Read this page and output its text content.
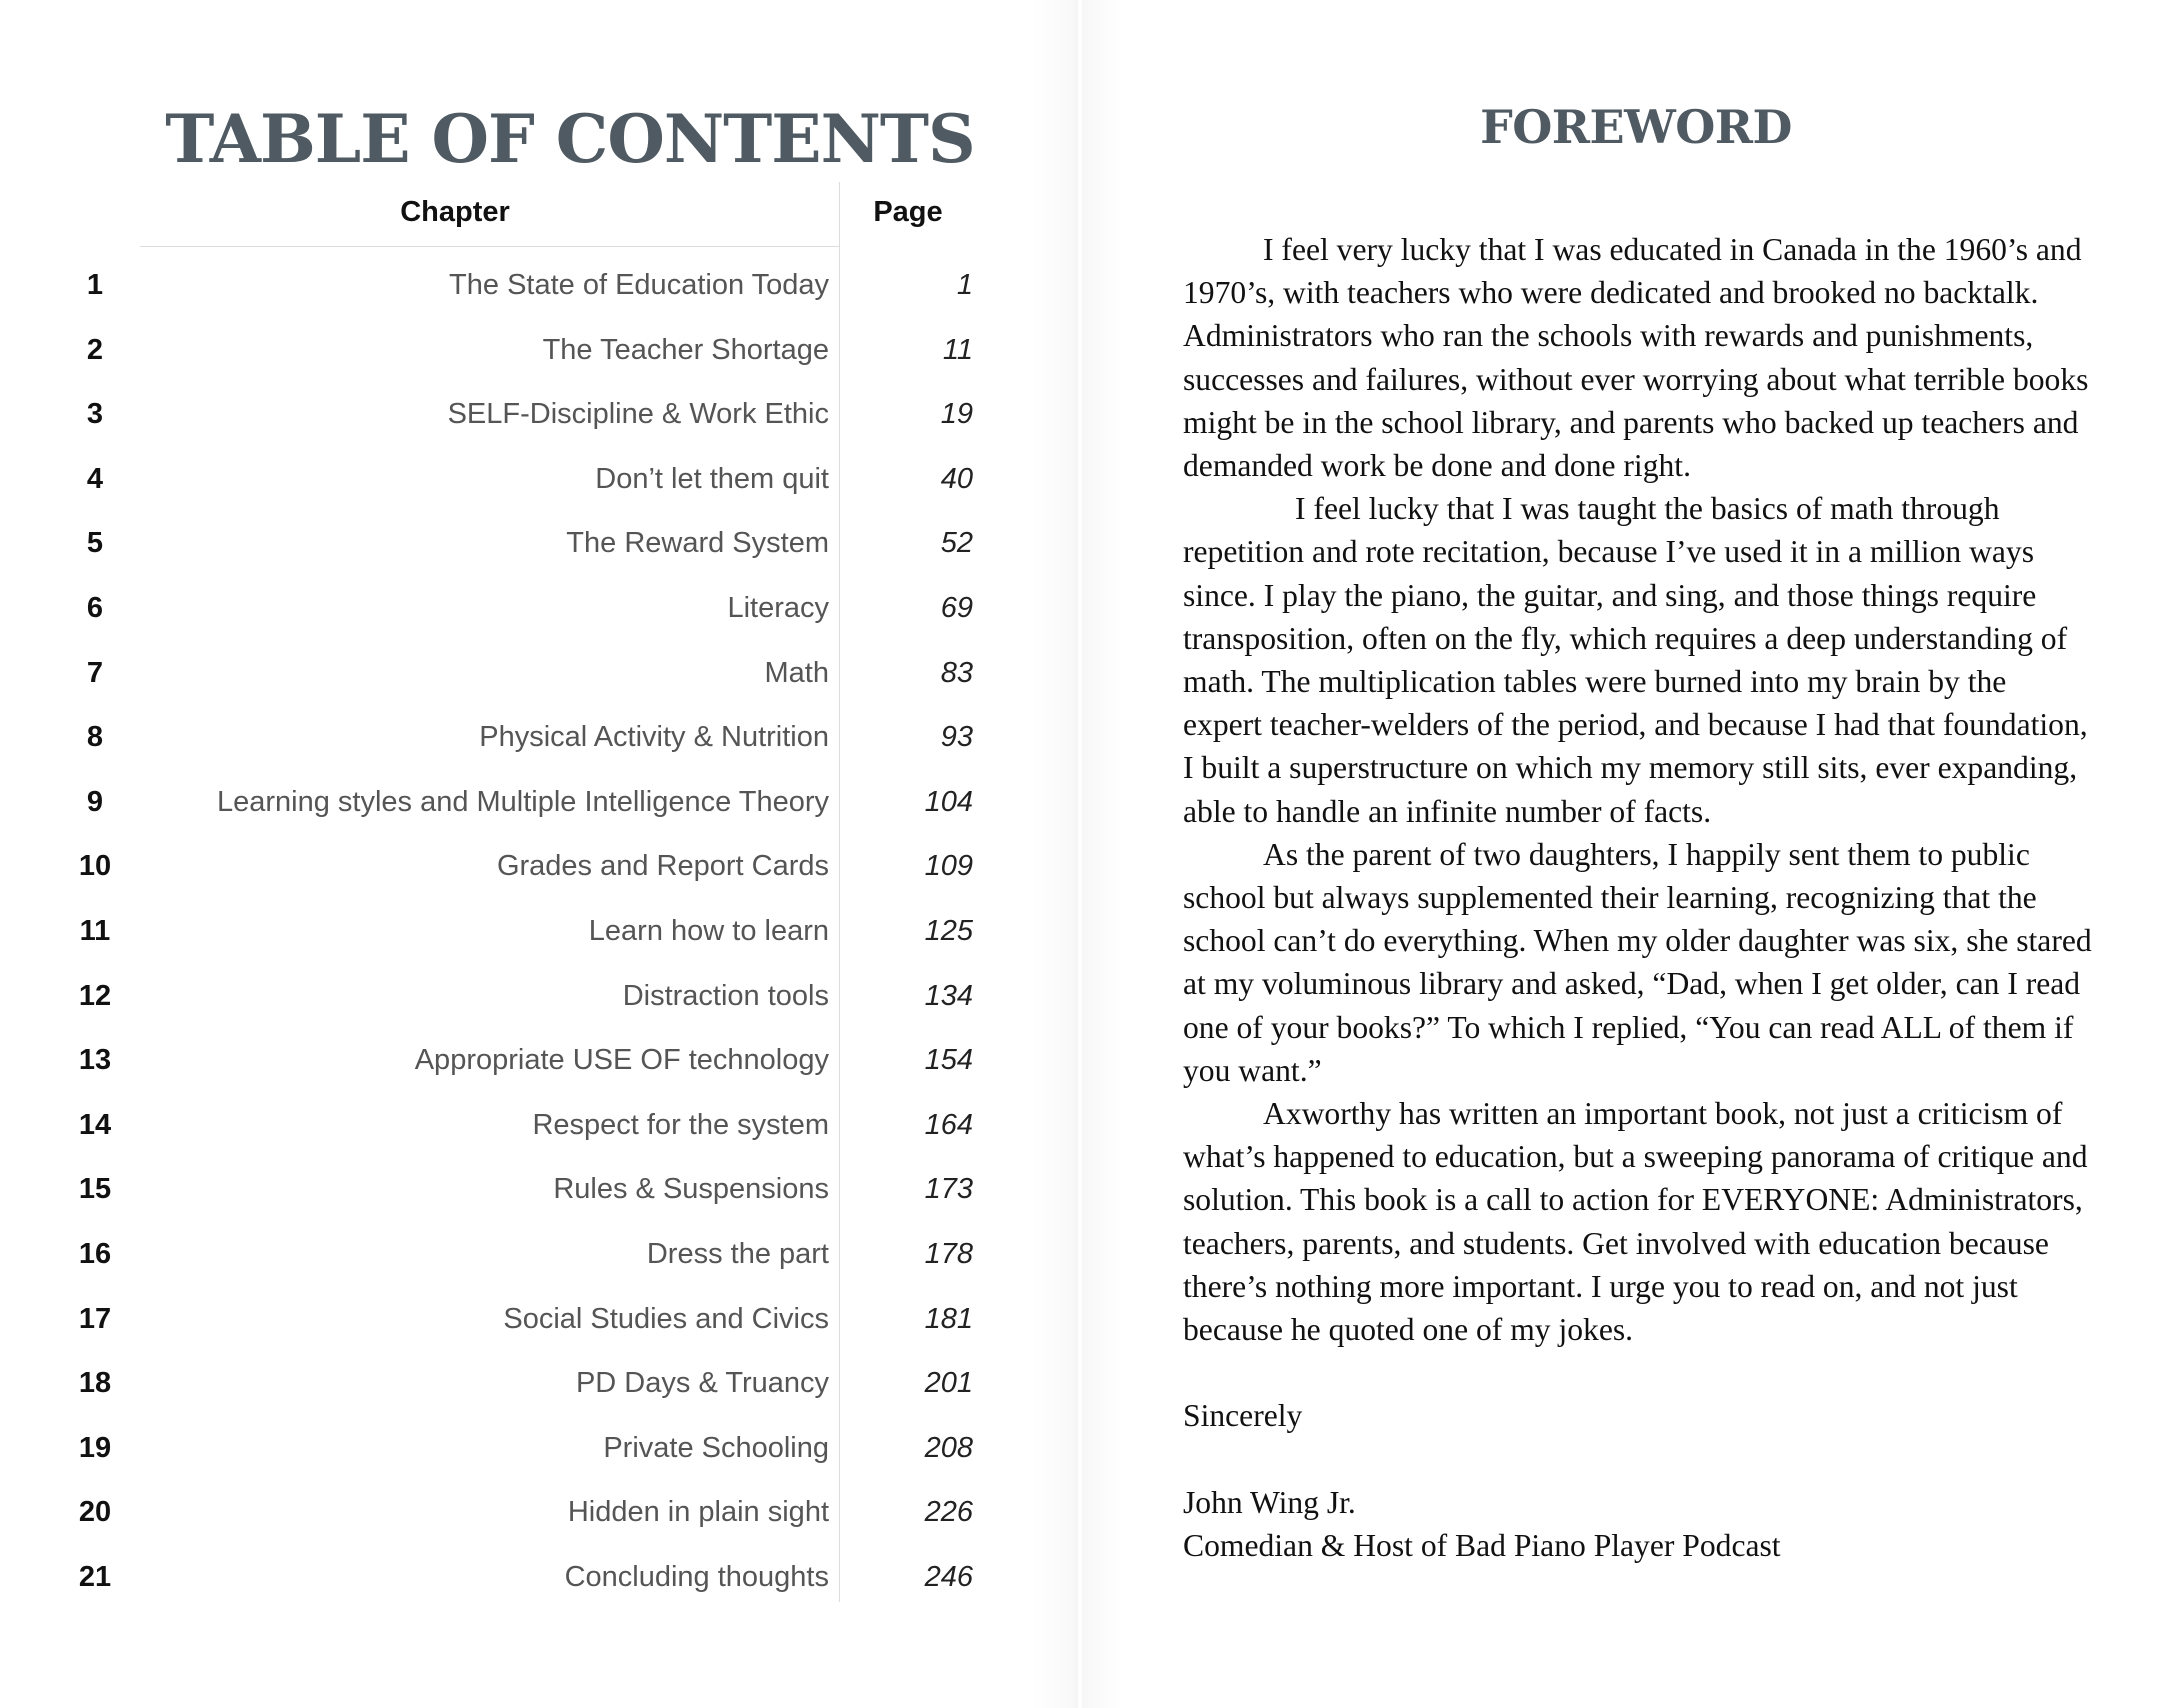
TABLE OF CONTENTS
Chapter	Page
1	The State of Education Today	1
2	The Teacher Shortage	11
3	SELF-Discipline & Work Ethic	19
4	Don’t let them quit	40
5	The Reward System	52
6	Literacy	69
7	Math	83
8	Physical Activity & Nutrition	93
9	Learning styles and Multiple Intelligence Theory	104
10	Grades and Report Cards	109
11	Learn how to learn	125
12	Distraction tools	134
13	Appropriate USE OF technology	154
14	Respect for the system	164
15	Rules & Suspensions	173
16	Dress the part	178
17	Social Studies and Civics	181
18	PD Days & Truancy	201
19	Private Schooling	208
20	Hidden in plain sight	226
21	Concluding thoughts	246
FOREWORD

I feel very lucky that I was educated in Canada in the 1960’s and 1970’s, with teachers who were dedicated and brooked no backtalk. Administrators who ran the schools with rewards and punishments, successes and failures, without ever worrying about what terrible books might be in the school library, and parents who backed up teachers and demanded work be done and done right.

I feel lucky that I was taught the basics of math through repetition and rote recitation, because I’ve used it in a million ways since. I play the piano, the guitar, and sing, and those things require transposition, often on the fly, which requires a deep understanding of math. The multiplication tables were burned into my brain by the expert teacher-welders of the period, and because I had that foundation, I built a superstructure on which my memory still sits, ever expanding, able to handle an infinite number of facts.

As the parent of two daughters, I happily sent them to public school but always supplemented their learning, recognizing that the school can’t do everything. When my older daughter was six, she stared at my voluminous library and asked, “Dad, when I get older, can I read one of your books?” To which I replied, “You can read ALL of them if you want.”

Axworthy has written an important book, not just a criticism of what’s happened to education, but a sweeping panorama of critique and solution. This book is a call to action for EVERYONE: Administrators, teachers, parents, and students. Get involved with education because there’s nothing more important. I urge you to read on, and not just because he quoted one of my jokes.

Sincerely
John Wing Jr.
Comedian & Host of Bad Piano Player Podcast
